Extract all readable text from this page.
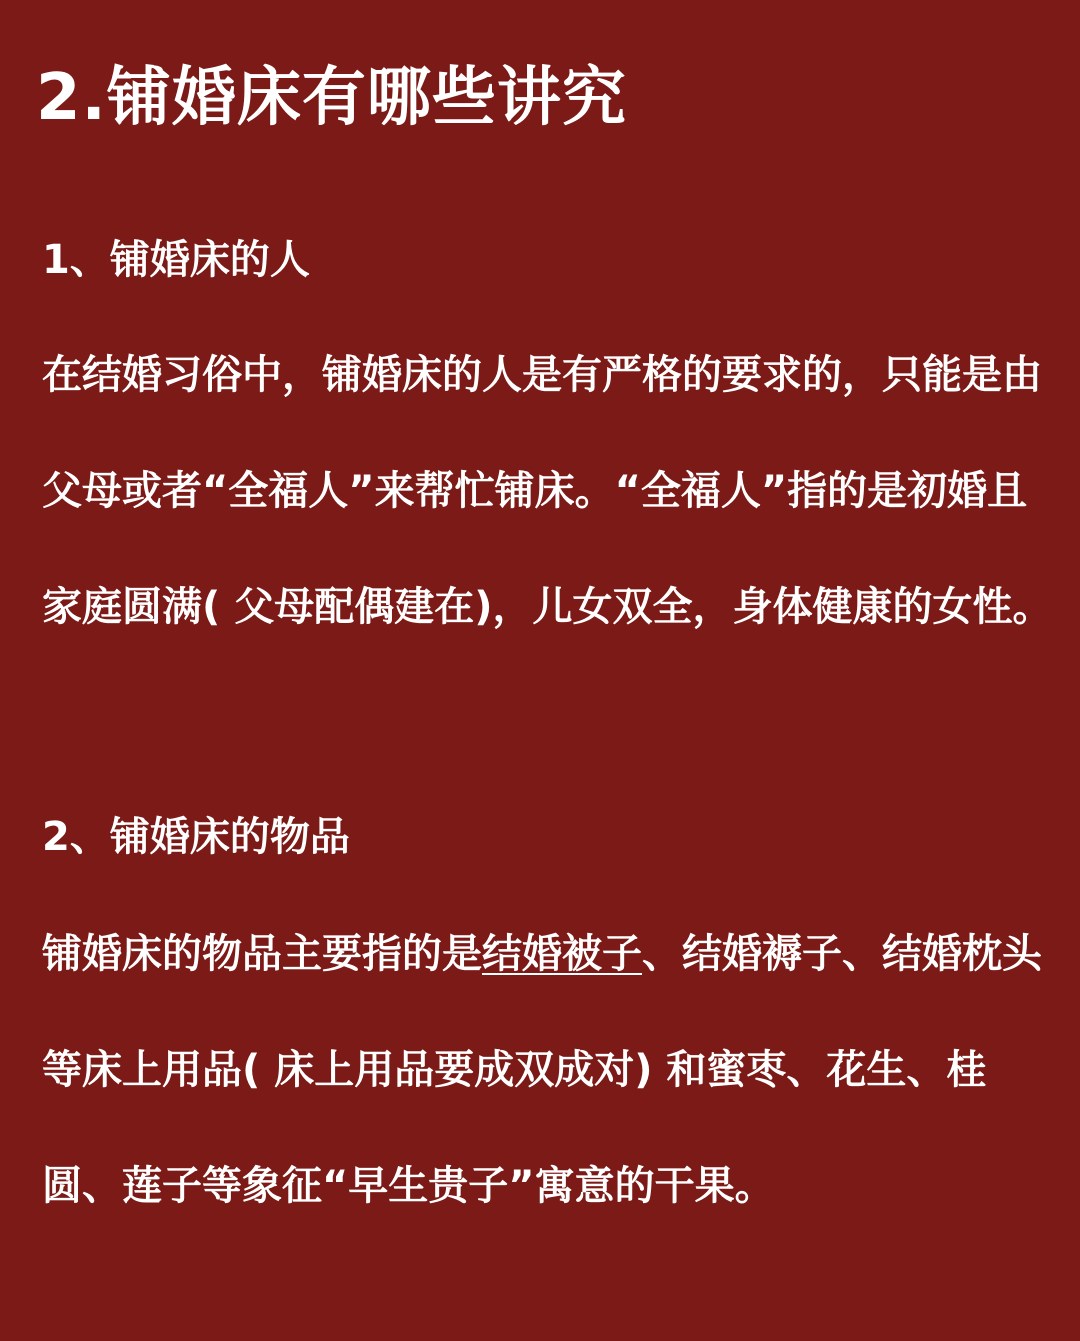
2.铺婚床有哪些讲究
1、铺婚床的人

在结婚习俗中，铺婚床的人是有严格的要求的，只能是由父母或者“全福人”来帮忙铺床。“全福人”指的是初婚且家庭圆满( 父母配偶建在)，儿女双全，身体健康的女性。

2、铺婚床的物品

铺婚床的物品主要指的是结婚被子、结婚褥子、结婚枕头等床上用品( 床上用品要成双成对) 和蜜枣、花生、桂圆、莲子等象征“早生贵子”寓意的干果。
